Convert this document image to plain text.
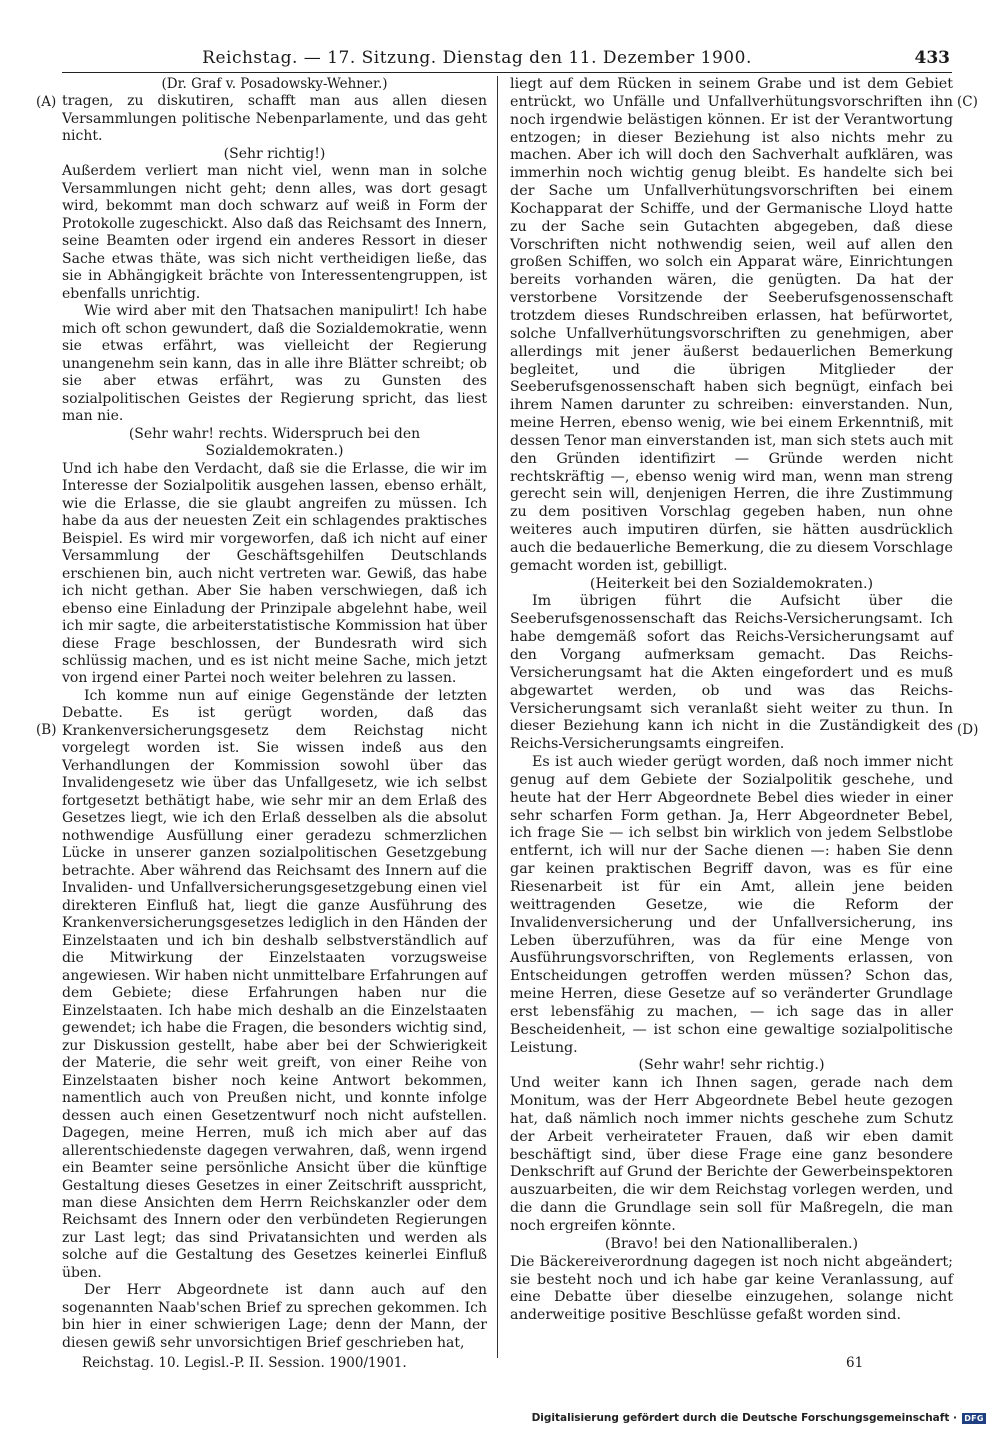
Reichstag. — 17. Sitzung. Dienstag den 11. Dezember 1900.	433
(A)
(B)
(C)
(D)

(Dr. Graf v. Posadowsky-Wehner.)

tragen, zu diskutiren, schafft man aus allen diesen Versammlungen politische Nebenparlamente, und das geht nicht.

(Sehr richtig!)

Außerdem verliert man nicht viel, wenn man in solche Versammlungen nicht geht; denn alles, was dort gesagt wird, bekommt man doch schwarz auf weiß in Form der Protokolle zugeschickt. Also daß das Reichsamt des Innern, seine Beamten oder irgend ein anderes Ressort in dieser Sache etwas thäte, was sich nicht vertheidigen ließe, das sie in Abhängigkeit brächte von Interessentengruppen, ist ebenfalls unrichtig.

Wie wird aber mit den Thatsachen manipulirt! Ich habe mich oft schon gewundert, daß die Sozialdemokratie, wenn sie etwas erfährt, was vielleicht der Regierung unangenehm sein kann, das in alle ihre Blätter schreibt; ob sie aber etwas erfährt, was zu Gunsten des sozialpolitischen Geistes der Regierung spricht, das liest man nie.

(Sehr wahr! rechts. Widerspruch bei den Sozialdemokraten.)

Und ich habe den Verdacht, daß sie die Erlasse, die wir im Interesse der Sozialpolitik ausgehen lassen, ebenso erhält, wie die Erlasse, die sie glaubt angreifen zu müssen. Ich habe da aus der neuesten Zeit ein schlagendes praktisches Beispiel. Es wird mir vorgeworfen, daß ich nicht auf einer Versammlung der Geschäftsgehilfen Deutschlands erschienen bin, auch nicht vertreten war. Gewiß, das habe ich nicht gethan. Aber Sie haben verschwiegen, daß ich ebenso eine Einladung der Prinzipale abgelehnt habe, weil ich mir sagte, die arbeiterstatistische Kommission hat über diese Frage beschlossen, der Bundesrath wird sich schlüssig machen, und es ist nicht meine Sache, mich jetzt von irgend einer Partei noch weiter belehren zu lassen.

Ich komme nun auf einige Gegenstände der letzten Debatte. Es ist gerügt worden, daß das Krankenversicherungsgesetz dem Reichstag nicht vorgelegt worden ist. Sie wissen indeß aus den Verhandlungen der Kommission sowohl über das Invalidengesetz wie über das Unfallgesetz, wie ich selbst fortgesetzt bethätigt habe, wie sehr mir an dem Erlaß des Gesetzes liegt, wie ich den Erlaß desselben als die absolut nothwendige Ausfüllung einer geradezu schmerzlichen Lücke in unserer ganzen sozialpolitischen Gesetzgebung betrachte. Aber während das Reichsamt des Innern auf die Invaliden- und Unfallversicherungsgesetzgebung einen viel direkteren Einfluß hat, liegt die ganze Ausführung des Krankenversicherungsgesetzes lediglich in den Händen der Einzelstaaten und ich bin deshalb selbstverständlich auf die Mitwirkung der Einzelstaaten vorzugsweise angewiesen. Wir haben nicht unmittelbare Erfahrungen auf dem Gebiete; diese Erfahrungen haben nur die Einzelstaaten. Ich habe mich deshalb an die Einzelstaaten gewendet; ich habe die Fragen, die besonders wichtig sind, zur Diskussion gestellt, habe aber bei der Schwierigkeit der Materie, die sehr weit greift, von einer Reihe von Einzelstaaten bisher noch keine Antwort bekommen, namentlich auch von Preußen nicht, und konnte infolge dessen auch einen Gesetzentwurf noch nicht aufstellen. Dagegen, meine Herren, muß ich mich aber auf das allerentschiedenste dagegen verwahren, daß, wenn irgend ein Beamter seine persönliche Ansicht über die künftige Gestaltung dieses Gesetzes in einer Zeitschrift ausspricht, man diese Ansichten dem Herrn Reichskanzler oder dem Reichsamt des Innern oder den verbündeten Regierungen zur Last legt; das sind Privatansichten und werden als solche auf die Gestaltung des Gesetzes keinerlei Einfluß üben.

Der Herr Abgeordnete ist dann auch auf den sogenannten Naab'schen Brief zu sprechen gekommen. Ich bin hier in einer schwierigen Lage; denn der Mann, der diesen gewiß sehr unvorsichtigen Brief geschrieben hat,

liegt auf dem Rücken in seinem Grabe und ist dem Gebiet entrückt, wo Unfälle und Unfallverhütungsvorschriften ihn noch irgendwie belästigen können. Er ist der Verantwortung entzogen; in dieser Beziehung ist also nichts mehr zu machen. Aber ich will doch den Sachverhalt aufklären, was immerhin noch wichtig genug bleibt. Es handelte sich bei der Sache um Unfallverhütungsvorschriften bei einem Kochapparat der Schiffe, und der Germanische Lloyd hatte zu der Sache sein Gutachten abgegeben, daß diese Vorschriften nicht nothwendig seien, weil auf allen den großen Schiffen, wo solch ein Apparat wäre, Einrichtungen bereits vorhanden wären, die genügten. Da hat der verstorbene Vorsitzende der Seeberufsgenossenschaft trotzdem dieses Rundschreiben erlassen, hat befürwortet, solche Unfallverhütungsvorschriften zu genehmigen, aber allerdings mit jener äußerst bedauerlichen Bemerkung begleitet, und die übrigen Mitglieder der Seeberufsgenossenschaft haben sich begnügt, einfach bei ihrem Namen darunter zu schreiben: einverstanden. Nun, meine Herren, ebenso wenig, wie bei einem Erkenntniß, mit dessen Tenor man einverstanden ist, man sich stets auch mit den Gründen identifizirt — Gründe werden nicht rechtskräftig —, ebenso wenig wird man, wenn man streng gerecht sein will, denjenigen Herren, die ihre Zustimmung zu dem positiven Vorschlag gegeben haben, nun ohne weiteres auch imputiren dürfen, sie hätten ausdrücklich auch die bedauerliche Bemerkung, die zu diesem Vorschlage gemacht worden ist, gebilligt.

(Heiterkeit bei den Sozialdemokraten.)

Im übrigen führt die Aufsicht über die Seeberufsgenossenschaft das Reichs-Versicherungsamt. Ich habe demgemäß sofort das Reichs-Versicherungsamt auf den Vorgang aufmerksam gemacht. Das Reichs-Versicherungsamt hat die Akten eingefordert und es muß abgewartet werden, ob und was das Reichs-Versicherungsamt sich veranlaßt sieht weiter zu thun. In dieser Beziehung kann ich nicht in die Zuständigkeit des Reichs-Versicherungsamts eingreifen.

Es ist auch wieder gerügt worden, daß noch immer nicht genug auf dem Gebiete der Sozialpolitik geschehe, und heute hat der Herr Abgeordnete Bebel dies wieder in einer sehr scharfen Form gethan. Ja, Herr Abgeordneter Bebel, ich frage Sie — ich selbst bin wirklich von jedem Selbstlobe entfernt, ich will nur der Sache dienen —: haben Sie denn gar keinen praktischen Begriff davon, was es für eine Riesenarbeit ist für ein Amt, allein jene beiden weittragenden Gesetze, wie die Reform der Invalidenversicherung und der Unfallversicherung, ins Leben überzuführen, was da für eine Menge von Ausführungsvorschriften, von Reglements erlassen, von Entscheidungen getroffen werden müssen? Schon das, meine Herren, diese Gesetze auf so veränderter Grundlage erst lebensfähig zu machen, — ich sage das in aller Bescheidenheit, — ist schon eine gewaltige sozialpolitische Leistung.

(Sehr wahr! sehr richtig.)

Und weiter kann ich Ihnen sagen, gerade nach dem Monitum, was der Herr Abgeordnete Bebel heute gezogen hat, daß nämlich noch immer nichts geschehe zum Schutz der Arbeit verheirateter Frauen, daß wir eben damit beschäftigt sind, über diese Frage eine ganz besondere Denkschrift auf Grund der Berichte der Gewerbeinspektoren auszuarbeiten, die wir dem Reichstag vorlegen werden, und die dann die Grundlage sein soll für Maßregeln, die man noch ergreifen könnte.

(Bravo! bei den Nationalliberalen.)

Die Bäckereiverordnung dagegen ist noch nicht abgeändert; sie besteht noch und ich habe gar keine Veranlassung, auf eine Debatte über dieselbe einzugehen, solange nicht anderweitige positive Beschlüsse gefaßt worden sind.

Reichstag. 10. Legisl.-P. II. Session. 1900/1901.	61
Digitalisierung gefördert durch die Deutsche Forschungsgemeinschaft · DFG
